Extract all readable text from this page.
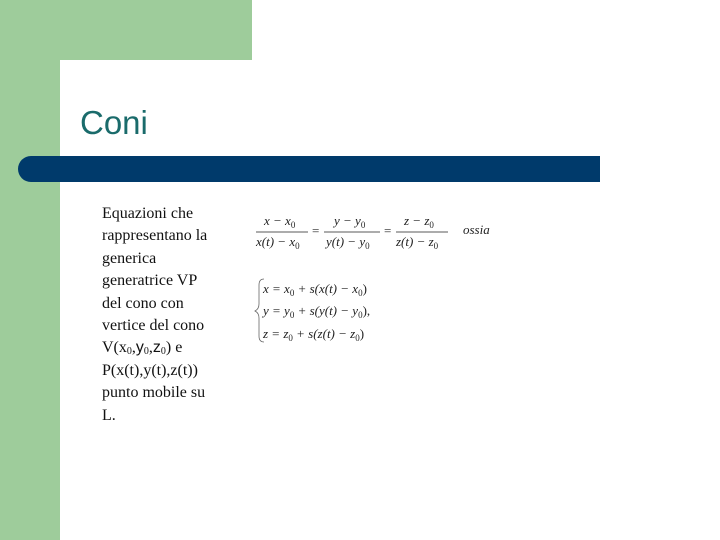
Coni
Equazioni che
rappresentano la
generica
generatrice VP
del cono con
vertice del cono
$V(x_0,y_0,z_0)$ e
P(x(t),y(t),z(t))
punto mobile su
L.
$x - x_0$
$x(t) - x_0$
=
$y - y_0$
$y(t) - y_0$
=
$z - z_0$
$z(t) - z_0$
ossia
$x = x_0 + s(x(t) - x_0)$
$y = y_0 + s(y(t) - y_0)$,
$z = z_0 + s(z(t) - z_0)$
